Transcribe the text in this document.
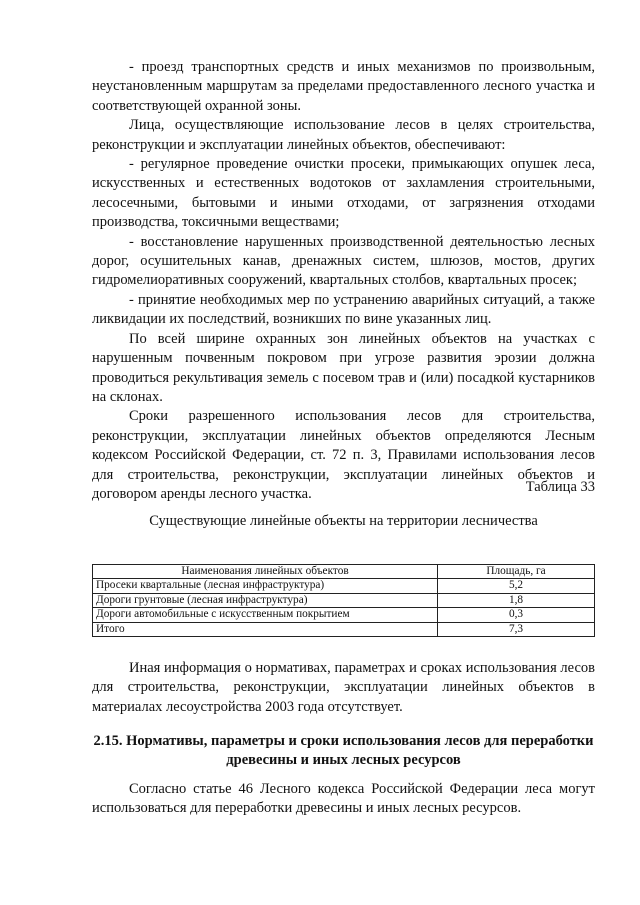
- проезд транспортных средств и иных механизмов по произвольным, неустановленным маршрутам за пределами предоставленного лесного участка и соответствующей охранной зоны.

Лица, осуществляющие использование лесов в целях строительства, реконструкции и эксплуатации линейных объектов, обеспечивают:

- регулярное проведение очистки просеки, примыкающих опушек леса, искусственных и естественных водотоков от захламления строительными, лесосечными, бытовыми и иными отходами, от загрязнения отходами производства, токсичными веществами;

- восстановление нарушенных производственной деятельностью лесных дорог, осушительных канав, дренажных систем, шлюзов, мостов, других гидромелиоративных сооружений, квартальных столбов, квартальных просек;

- принятие необходимых мер по устранению аварийных ситуаций, а также ликвидации их последствий, возникших по вине указанных лиц.

По всей ширине охранных зон линейных объектов на участках с нарушенным почвенным покровом при угрозе развития эрозии должна проводиться рекультивация земель с посевом трав и (или) посадкой кустарников на склонах.

Сроки разрешенного использования лесов для строительства, реконструкции, эксплуатации линейных объектов определяются Лесным кодексом Российской Федерации, ст. 72 п. 3, Правилами использования лесов для строительства, реконструкции, эксплуатации линейных объектов и договором аренды лесного участка.	Таблица 33
Существующие линейные объекты на территории лесничества
Наименования линейных объектов	Площадь, га
Просеки квартальные (лесная инфраструктура)	5,2
Дороги грунтовые (лесная инфраструктура)	1,8
Дороги автомобильные с искусственным покрытием	0,3
Итого	7,3

Иная информация о нормативах, параметрах и сроках использования лесов для строительства, реконструкции, эксплуатации линейных объектов в материалах лесоустройства 2003 года отсутствует.

2.15. Нормативы, параметры и сроки использования лесов для переработки древесины и иных лесных ресурсов

Согласно статье 46 Лесного кодекса Российской Федерации леса могут использоваться для переработки древесины и иных лесных ресурсов.
